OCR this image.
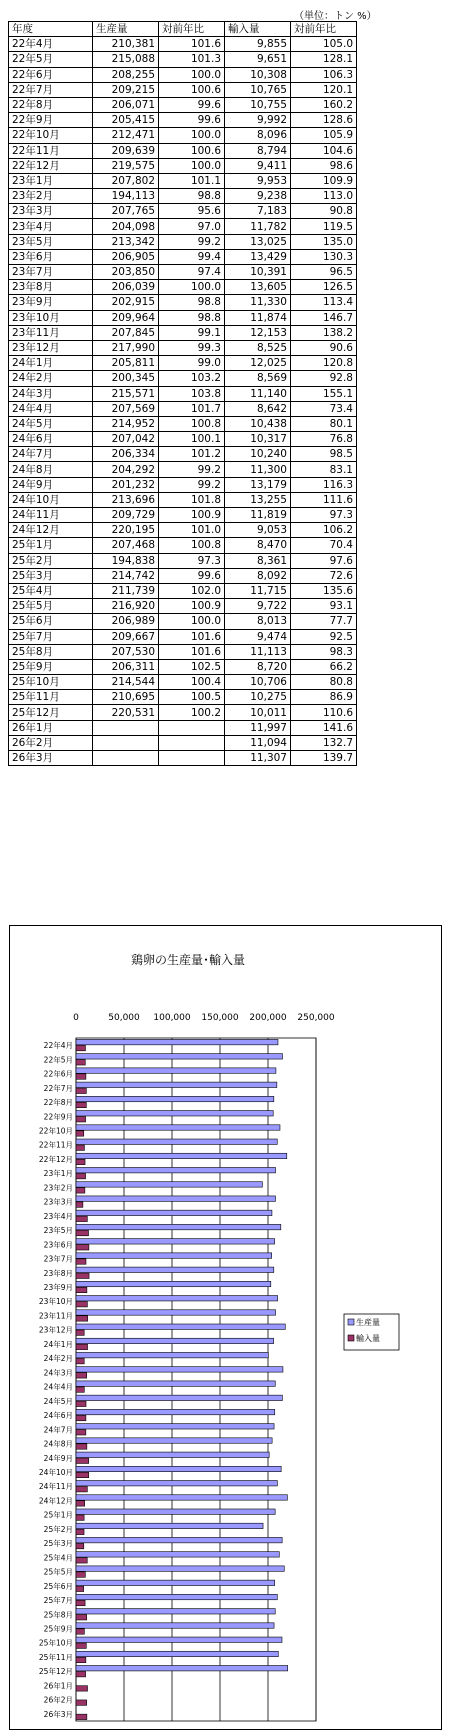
（単位：トン %）
年度	生産量	対前年比	輸入量	対前年比
22年4月	210,381	101.6	9,855	105.0
22年5月	215,088	101.3	9,651	128.1
22年6月	208,255	100.0	10,308	106.3
22年7月	209,215	100.6	10,765	120.1
22年8月	206,071	99.6	10,755	160.2
22年9月	205,415	99.6	9,992	128.6
22年10月	212,471	100.0	8,096	105.9
22年11月	209,639	100.6	8,794	104.6
22年12月	219,575	100.0	9,411	98.6
23年1月	207,802	101.1	9,953	109.9
23年2月	194,113	98.8	9,238	113.0
23年3月	207,765	95.6	7,183	90.8
23年4月	204,098	97.0	11,782	119.5
23年5月	213,342	99.2	13,025	135.0
23年6月	206,905	99.4	13,429	130.3
23年7月	203,850	97.4	10,391	96.5
23年8月	206,039	100.0	13,605	126.5
23年9月	202,915	98.8	11,330	113.4
23年10月	209,964	98.8	11,874	146.7
23年11月	207,845	99.1	12,153	138.2
23年12月	217,990	99.3	8,525	90.6
24年1月	205,811	99.0	12,025	120.8
24年2月	200,345	103.2	8,569	92.8
24年3月	215,571	103.8	11,140	155.1
24年4月	207,569	101.7	8,642	73.4
24年5月	214,952	100.8	10,438	80.1
24年6月	207,042	100.1	10,317	76.8
24年7月	206,334	101.2	10,240	98.5
24年8月	204,292	99.2	11,300	83.1
24年9月	201,232	99.2	13,179	116.3
24年10月	213,696	101.8	13,255	111.6
24年11月	209,729	100.9	11,819	97.3
24年12月	220,195	101.0	9,053	106.2
25年1月	207,468	100.8	8,470	70.4
25年2月	194,838	97.3	8,361	97.6
25年3月	214,742	99.6	8,092	72.6
25年4月	211,739	102.0	11,715	135.6
25年5月	216,920	100.9	9,722	93.1
25年6月	206,989	100.0	8,013	77.7
25年7月	209,667	101.6	9,474	92.5
25年8月	207,530	101.6	11,113	98.3
25年9月	206,311	102.5	8,720	66.2
25年10月	214,544	100.4	10,706	80.8
25年11月	210,695	100.5	10,275	86.9
25年12月	220,531	100.2	10,011	110.6
26年1月			11,997	141.6
26年2月			11,094	132.7
26年3月			11,307	139.7
鶏卵の生産量･輸入量
0	50,000 100,000 150,000 200,000 250,000
22年4月
22年5月
22年6月
22年7月
22年8月
22年9月
22年10月
22年11月
22年12月
23年1月
23年2月
23年3月
23年4月
23年5月
23年6月
23年7月
23年8月
23年9月
23年10月
23年11月
23年12月
24年1月
24年2月
24年3月
24年4月
24年5月
24年6月
24年7月
24年8月
24年9月
24年10月
24年11月
24年12月
25年1月
25年2月
25年3月
25年4月
25年5月
25年6月
25年7月
25年8月
25年9月
25年10月
25年11月
25年12月
26年1月
26年2月
26年3月
生産量
輸入量
